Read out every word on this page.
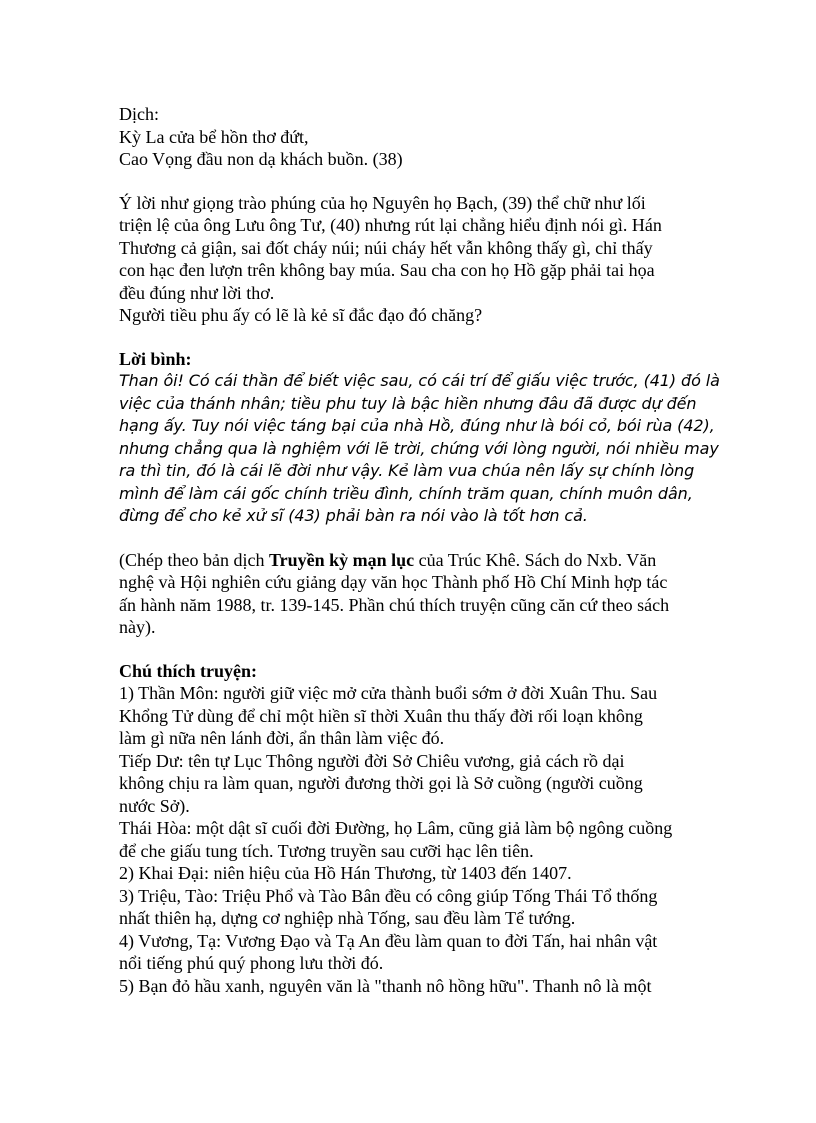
Dịch:
Kỳ La cửa bể hồn thơ đứt,
Cao Vọng đầu non dạ khách buồn. (38)
Ý lời như giọng trào phúng của họ Nguyên họ Bạch, (39) thể chữ như lối
triện lệ của ông Lưu ông Tư, (40) nhưng rút lại chẳng hiểu định nói gì. Hán
Thương cả giận, sai đốt cháy núi; núi cháy hết vẫn không thấy gì, chỉ thấy
con hạc đen lượn trên không bay múa. Sau cha con họ Hồ gặp phải tai họa
đều đúng như lời thơ.
Người tiều phu ấy có lẽ là kẻ sĩ đắc đạo đó chăng?
Lời bình:
Than ôi! Có cái thần để biết việc sau, có cái trí để giấu việc trước, (41) đó là
việc của thánh nhân; tiều phu tuy là bậc hiền nhưng đâu đã được dự đến
hạng ấy. Tuy nói việc táng bại của nhà Hồ, đúng như là bói cỏ, bói rùa (42),
nhưng chẳng qua là nghiệm với lẽ trời, chứng với lòng người, nói nhiều may
ra thì tin, đó là cái lẽ đời như vậy. Kẻ làm vua chúa nên lấy sự chính lòng
mình để làm cái gốc chính triều đình, chính trăm quan, chính muôn dân,
đừng để cho kẻ xử sĩ (43) phải bàn ra nói vào là tốt hơn cả.
(Chép theo bản dịch Truyền kỳ mạn lục của Trúc Khê. Sách do Nxb. Văn
nghệ và Hội nghiên cứu giảng dạy văn học Thành phố Hồ Chí Minh hợp tác
ấn hành năm 1988, tr. 139-145. Phần chú thích truyện cũng căn cứ theo sách
này).
Chú thích truyện:
1) Thần Môn: người giữ việc mở cửa thành buổi sớm ở đời Xuân Thu. Sau
Khổng Tử dùng để chỉ một hiền sĩ thời Xuân thu thấy đời rối loạn không
làm gì nữa nên lánh đời, ẩn thân làm việc đó.
Tiếp Dư: tên tự Lục Thông người đời Sở Chiêu vương, giả cách rồ dại
không chịu ra làm quan, người đương thời gọi là Sở cuồng (người cuồng
nước Sở).
Thái Hòa: một dật sĩ cuối đời Đường, họ Lâm, cũng giả làm bộ ngông cuồng
để che giấu tung tích. Tương truyền sau cưỡi hạc lên tiên.
2) Khai Đại: niên hiệu của Hồ Hán Thương, từ 1403 đến 1407.
3) Triệu, Tào: Triệu Phổ và Tào Bân đều có công giúp Tống Thái Tổ thống
nhất thiên hạ, dựng cơ nghiệp nhà Tống, sau đều làm Tể tướng.
4) Vương, Tạ: Vương Đạo và Tạ An đều làm quan to đời Tấn, hai nhân vật
nổi tiếng phú quý phong lưu thời đó.
5) Bạn đỏ hầu xanh, nguyên văn là "thanh nô hồng hữu". Thanh nô là một
